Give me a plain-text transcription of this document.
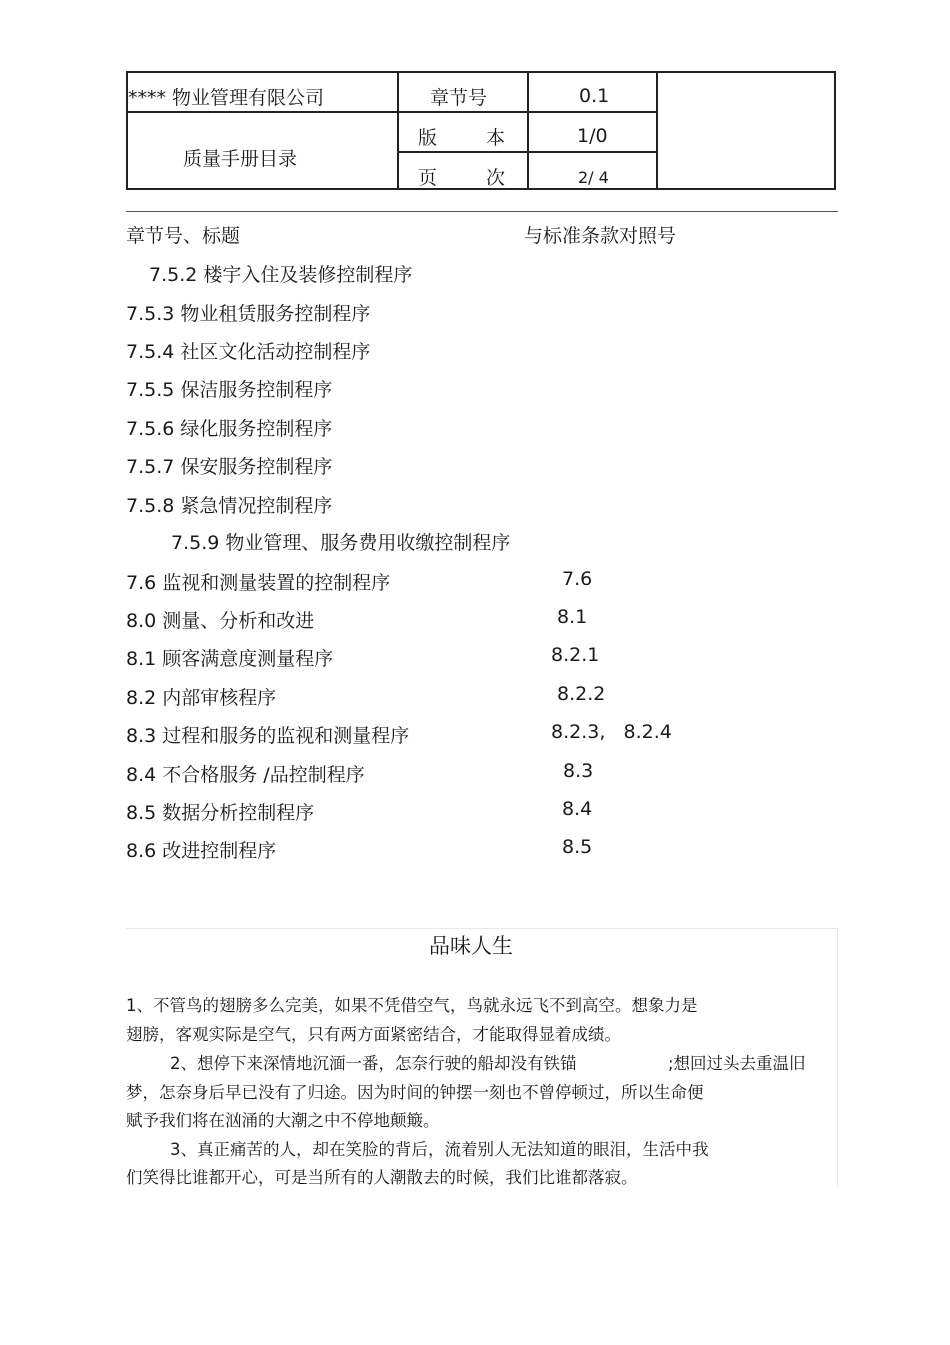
**** 物业管理有限公司
质量手册目录
章节号	0.1
版	本	1/0
页	次	2/ 4
章节号、标题	与标准条款对照号
7.5.2 楼宇入住及装修控制程序
7.5.3 物业租赁服务控制程序
7.5.4 社区文化活动控制程序
7.5.5 保洁服务控制程序
7.5.6 绿化服务控制程序
7.5.7 保安服务控制程序
7.5.8 紧急情况控制程序
7.5.9 物业管理、服务费用收缴控制程序
7.6 监视和测量装置的控制程序	7.6
8.0 测量、分析和改进	8.1
8.1 顾客满意度测量程序	8.2.1
8.2 内部审核程序	8.2.2
8.3 过程和服务的监视和测量程序	8.2.3,   8.2.4
8.4 不合格服务 /品控制程序	8.3
8.5 数据分析控制程序	8.4
8.6 改进控制程序	8.5
品味人生
1、不管鸟的翅膀多么完美，如果不凭借空气，鸟就永远飞不到高空。想象力是
翅膀，客观实际是空气，只有两方面紧密结合，才能取得显着成绩。
2、想停下来深情地沉湎一番，怎奈行驶的船却没有铁锚	;想回过头去重温旧
梦，怎奈身后早已没有了归途。因为时间的钟摆一刻也不曾停顿过，所以生命便
赋予我们将在汹涌的大潮之中不停地颠簸。
3、真正痛苦的人，却在笑脸的背后，流着别人无法知道的眼泪，生活中我
们笑得比谁都开心，可是当所有的人潮散去的时候，我们比谁都落寂。
